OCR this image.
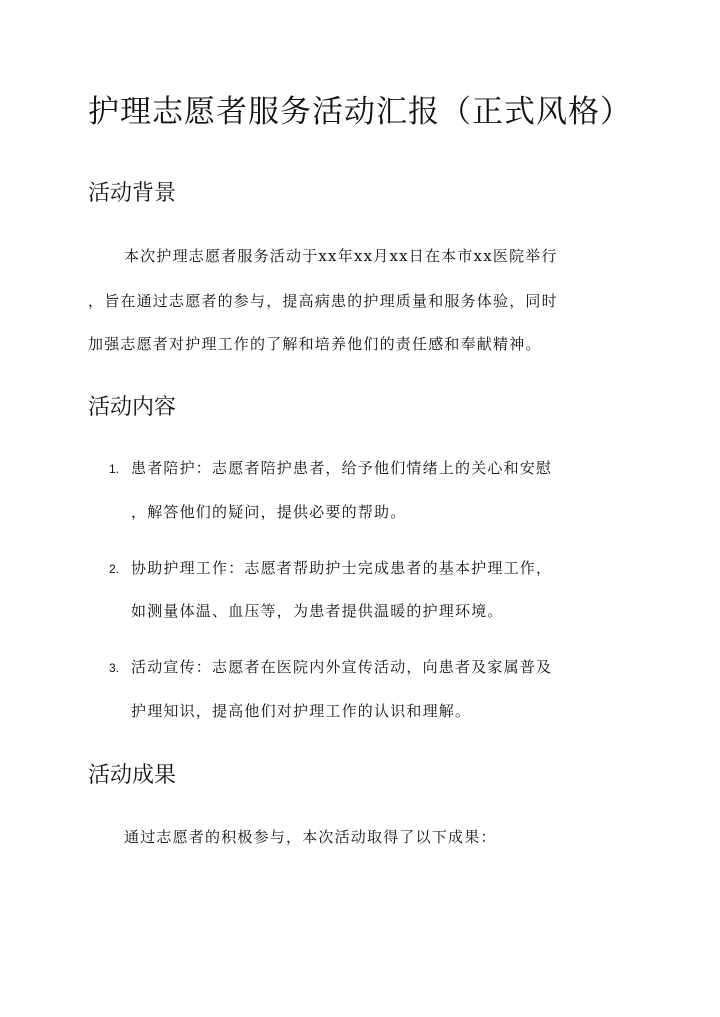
护理志愿者服务活动汇报（正式风格）
活动背景

本次护理志愿者服务活动于xx年xx月xx日在本市xx医院举行

，旨在通过志愿者的参与，提高病患的护理质量和服务体验，同时

加强志愿者对护理工作的了解和培养他们的责任感和奉献精神。

活动内容
1. 患者陪护：志愿者陪护患者，给予他们情绪上的关心和安慰

，解答他们的疑问，提供必要的帮助。

2. 协助护理工作：志愿者帮助护士完成患者的基本护理工作，

如测量体温、血压等，为患者提供温暖的护理环境。

3. 活动宣传：志愿者在医院内外宣传活动，向患者及家属普及

护理知识，提高他们对护理工作的认识和理解。

活动成果

通过志愿者的积极参与，本次活动取得了以下成果：
